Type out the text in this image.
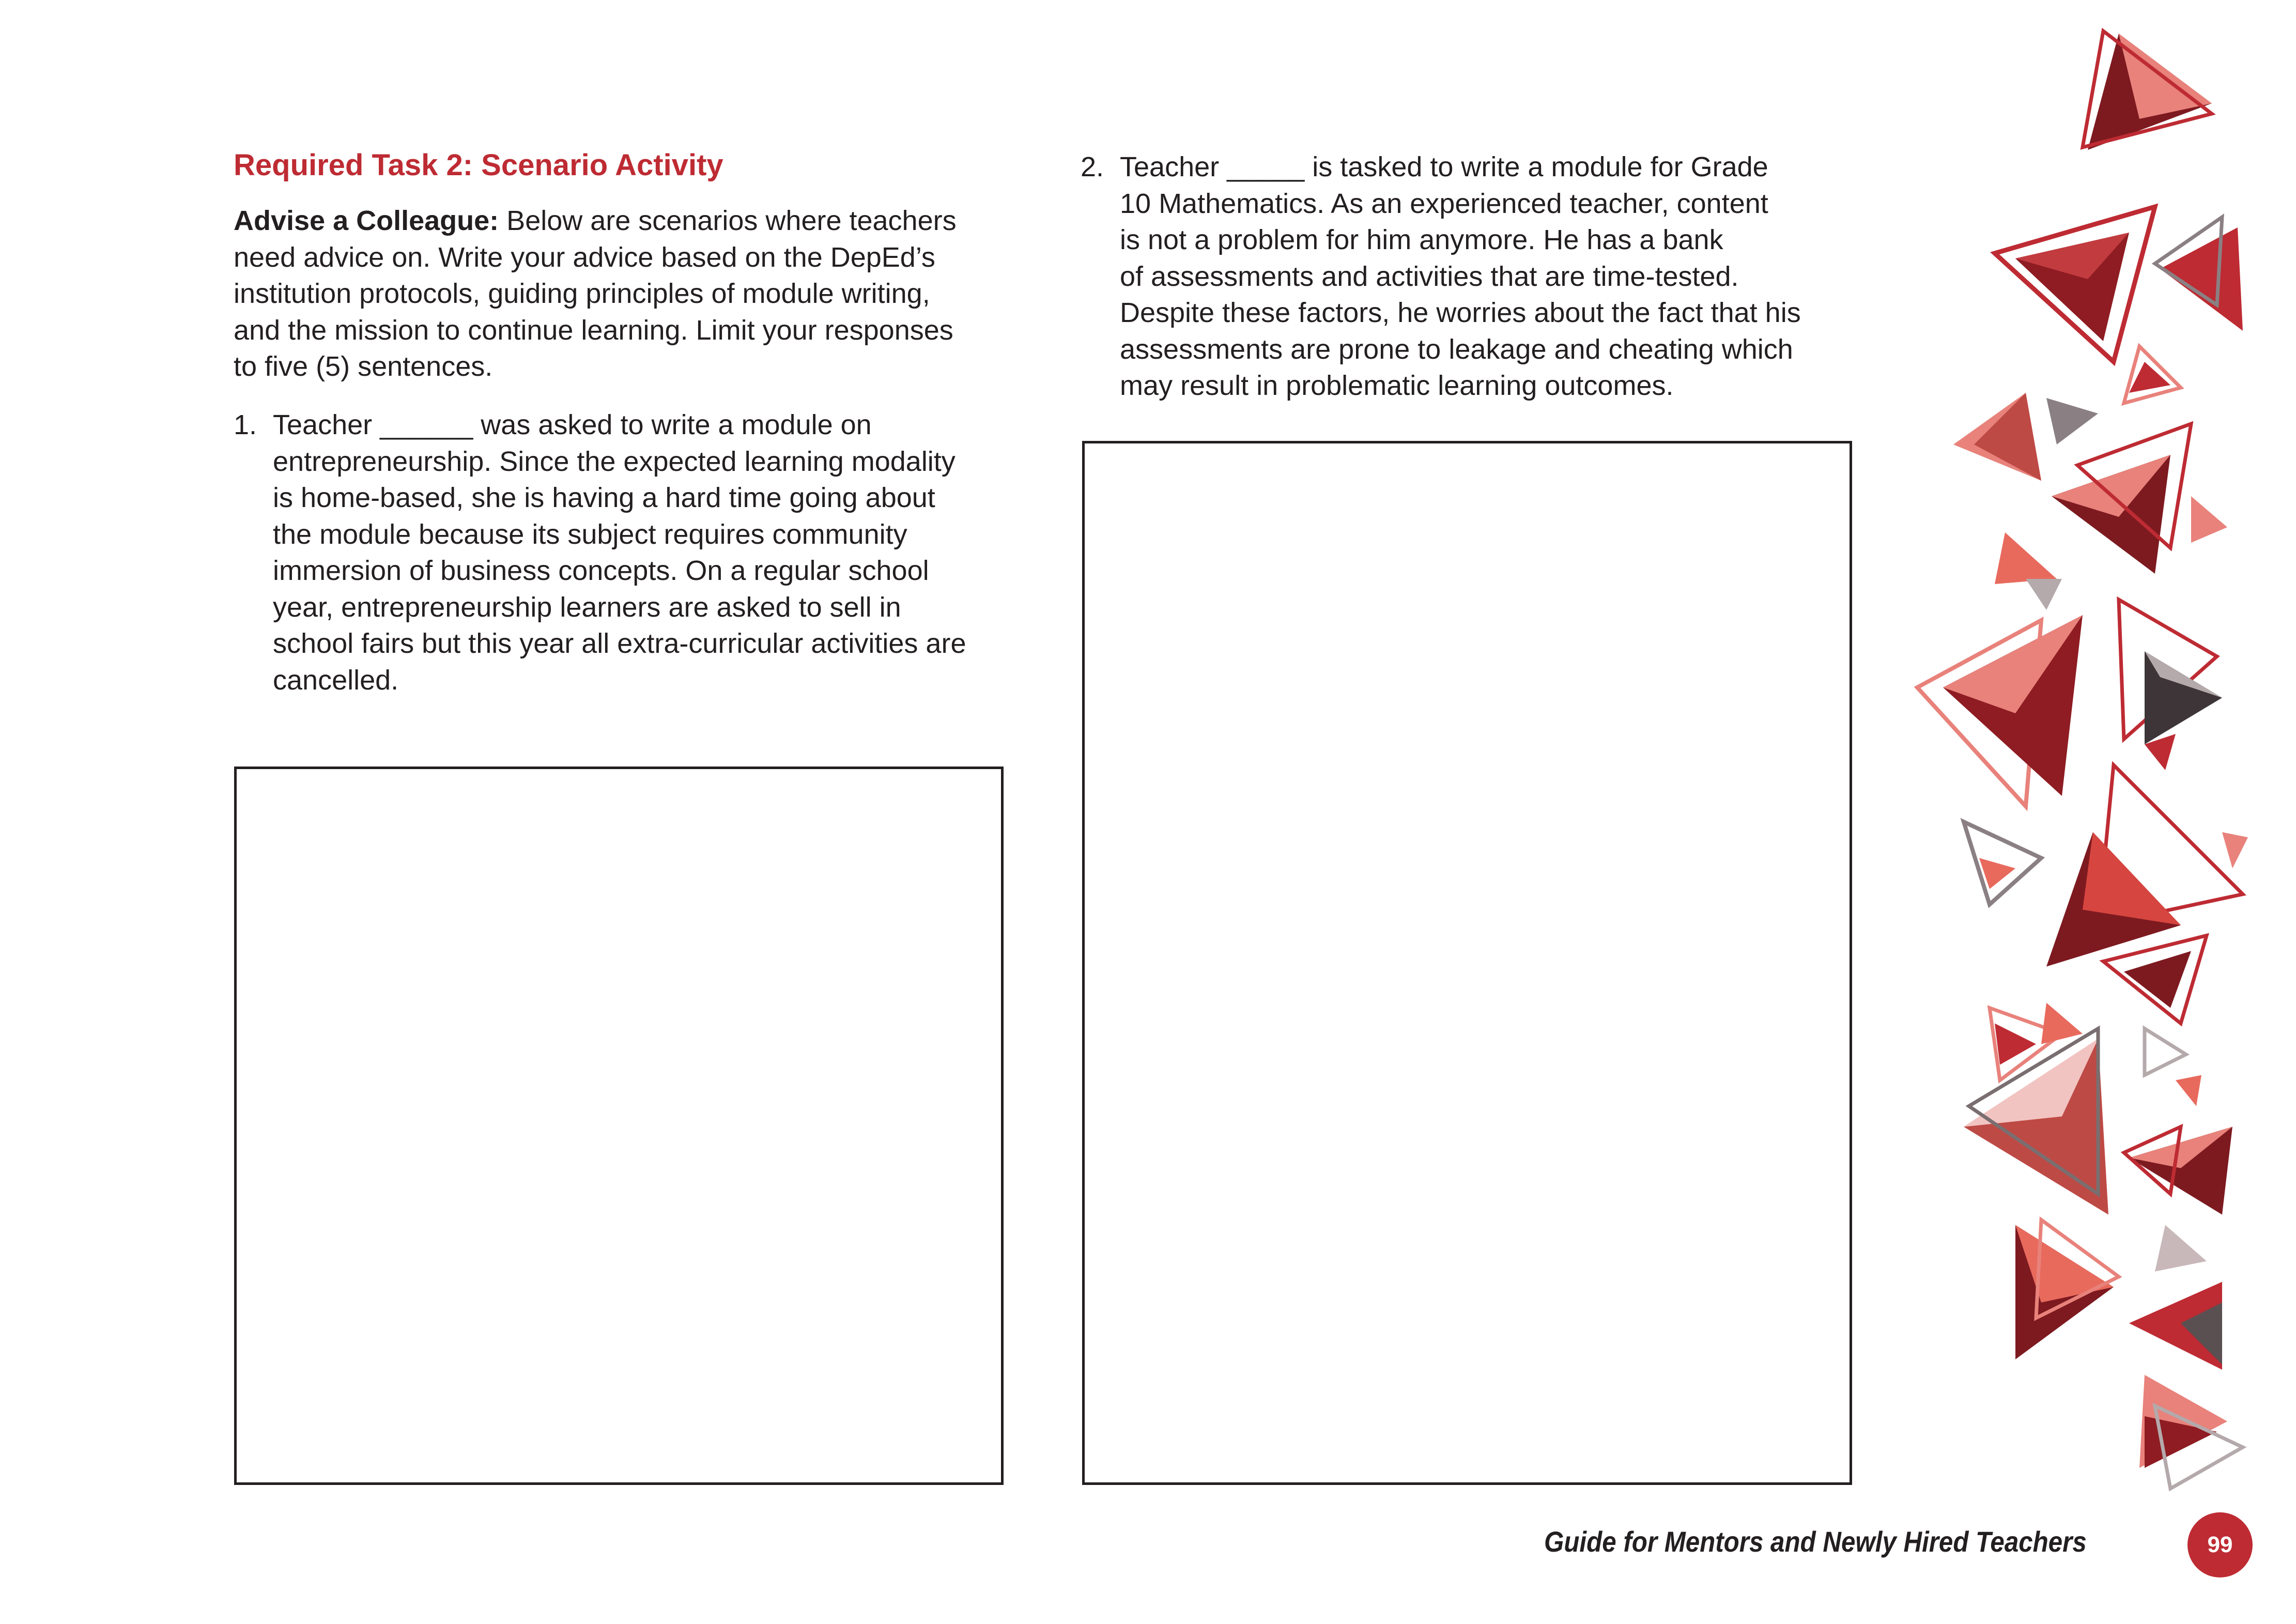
Required Task 2: Scenario Activity
Advise a Colleague: Below are scenarios where teachers
need advice on. Write your advice based on the DepEd’s
institution protocols, guiding principles of module writing,
and the mission to continue learning. Limit your responses
to five (5) sentences.
1. Teacher ______ was asked to write a module on
entrepreneurship. Since the expected learning modality
is home-based, she is having a hard time going about
the module because its subject requires community
immersion of business concepts. On a regular school
year, entrepreneurship learners are asked to sell in
school fairs but this year all extra-curricular activities are
cancelled.
2. Teacher _____ is tasked to write a module for Grade
10 Mathematics. As an experienced teacher, content
is not a problem for him anymore. He has a bank
of assessments and activities that are time-tested.
Despite these factors, he worries about the fact that his
assessments are prone to leakage and cheating which
may result in problematic learning outcomes.
Guide for Mentors and Newly Hired Teachers	99
